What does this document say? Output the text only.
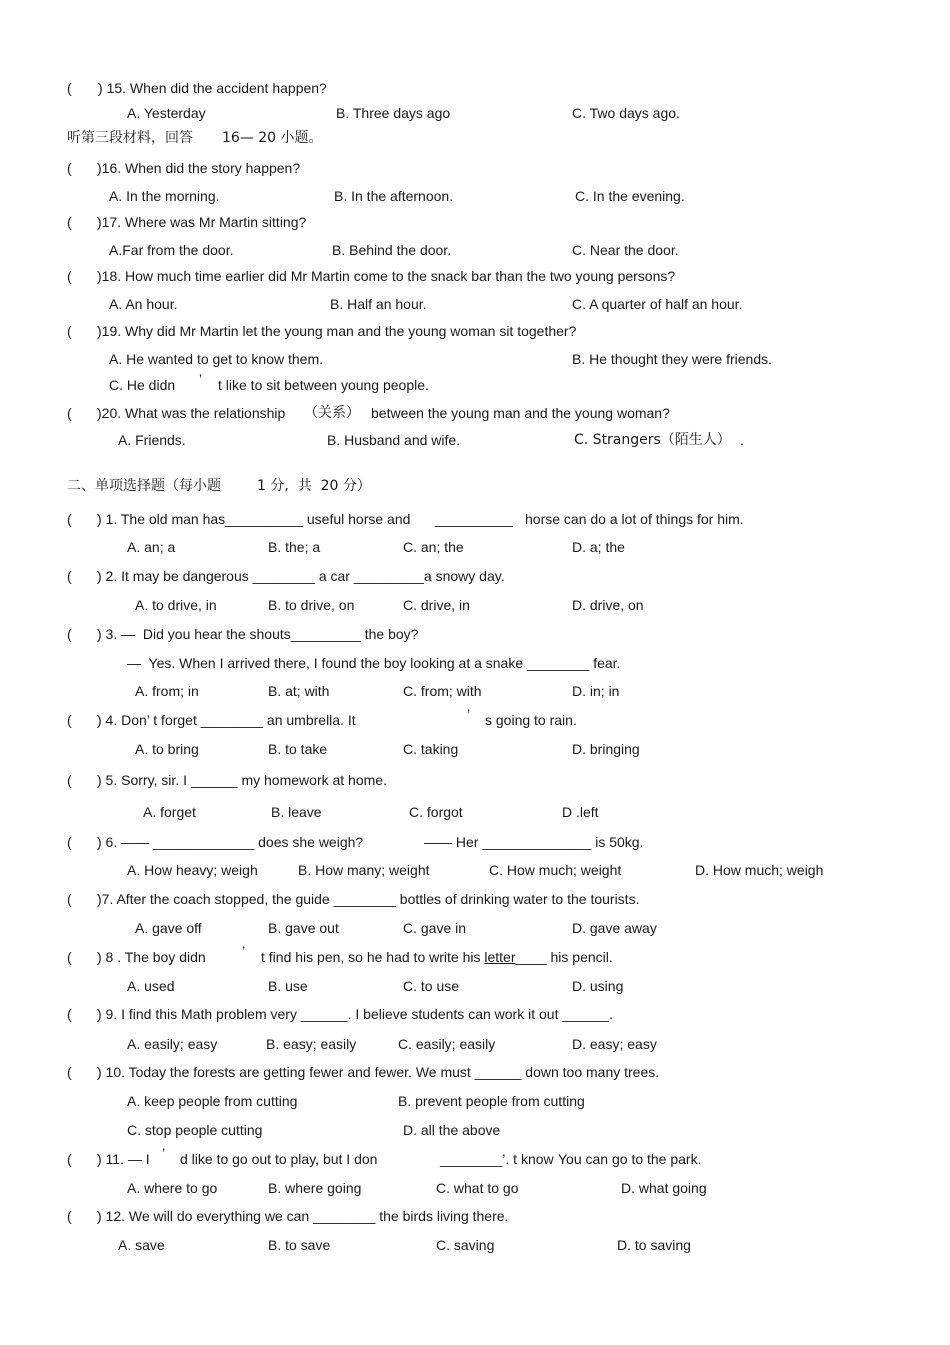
( ) 15. When did the accident happen?
A. Yesterday	B. Three days ago	C. Two days ago.
听第三段材料，回答 16— 20 小题。
( )16. When did the story happen?
A. In the morning.	B. In the afternoon.	C. In the evening.
( )17. Where was Mr Martin sitting?
A.Far from the door.	B. Behind the door.	C. Near the door.
( )18. How much time earlier did Mr Martin come to the snack bar than the two young persons?
A. An hour.	B. Half an hour.	C. A quarter of half an hour.
( )19. Why did Mr Martin let the young man and the young woman sit together?
A. He wanted to get to know them.	B. He thought they were friends.
C. He didn ’ t like to sit between young people.
( )20. What was the relationship （关系） between the young man and the young woman?
A. Friends.	B. Husband and wife.	C. Strangers（陌生人） .
二、单项选择题（每小题	1 分,  共  20 分）
( ) 1. The old man has__________ useful horse and __________ horse can do a lot of things for him.
A. an; a	B. the; a	C. an; the	D. a; the
( ) 2. It may be dangerous ________ a car _________a snowy day.
A. to drive, in	B. to drive, on	C. drive, in	D. drive, on
( ) 3. —  Did you hear the shouts_________ the boy?
—  Yes. When I arrived there, I found the boy looking at a snake ________ fear.
A. from; in	B. at; with	C. from; with	D. in; in
( ) 4. Don’ t forget ________ an umbrella. It	’ s going to rain.
A. to bring	B. to take	C. taking	D. bringing
( ) 5. Sorry, sir. I ______ my homework at home.
A. forget	B. leave	C. forgot	D .left
( ) 6. —— _____________ does she weigh?	—— Her ______________ is 50kg.
A. How heavy; weigh	B. How many; weight	C. How much; weight	D. How much; weigh
( )7. After the coach stopped, the guide ________ bottles of drinking water to the tourists.
A. gave off	B. gave out	C. gave in	D. gave away
( ) 8 . The boy didn	’ t find his pen, so he had to write his letter____ his pencil.
A. used	B. use	C. to use	D. using
( ) 9. I find this Math problem very ______. I believe students can work it out ______.
A. easily; easy	B. easy; easily	C. easily; easily	D. easy; easy
( ) 10. Today the forests are getting fewer and fewer. We must ______ down too many trees.
A. keep people from cutting	B. prevent people from cutting
C. stop people cutting	D. all the above
( ) 11. — I ’ d like to go out to play, but I don	________’. t know You can go to the park.
A. where to go	B. where going	C. what to go	D. what going
( ) 12. We will do everything we can ________ the birds living there.
A. save	B. to save	C. saving	D. to saving
